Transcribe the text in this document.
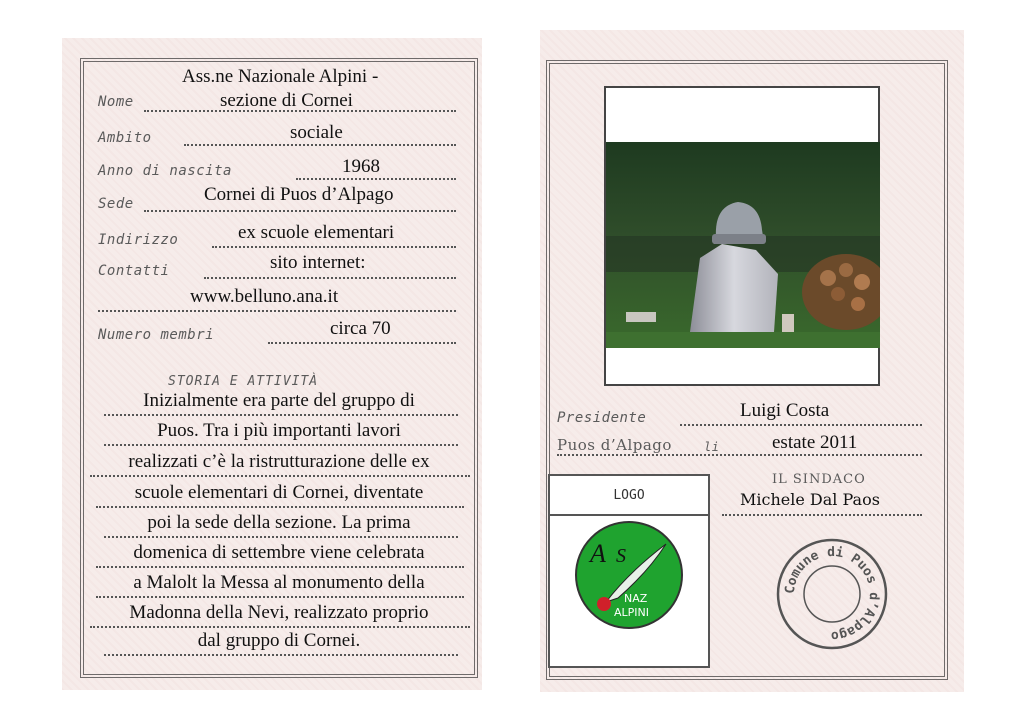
Nome
Ass.ne Nazionale Alpini -
sezione di Cornei
Ambito	sociale
Anno di nascita	1968
Sede	Cornei di Puos d’Alpago
Indirizzo	ex scuole elementari
Contatti	sito internet:
www.belluno.ana.it
Numero membri	circa 70
STORIA E ATTIVITÀ
Inizialmente era parte del gruppo di
Puos. Tra i più importanti lavori
realizzati c’è la ristrutturazione delle ex
scuole elementari di Cornei, diventate
poi la sede della sezione. La prima
domenica di settembre viene celebrata
a Malolt la Messa al monumento della
Madonna della Nevi, realizzato proprio
dal gruppo di Cornei.
Presidente	Luigi Costa
Puos d’Alpago	li	estate 2011
LOGO
A S
NAZ
ALPINI
IL SINDACO
Michele Dal Paos
Comune di Puos d’Alpago
